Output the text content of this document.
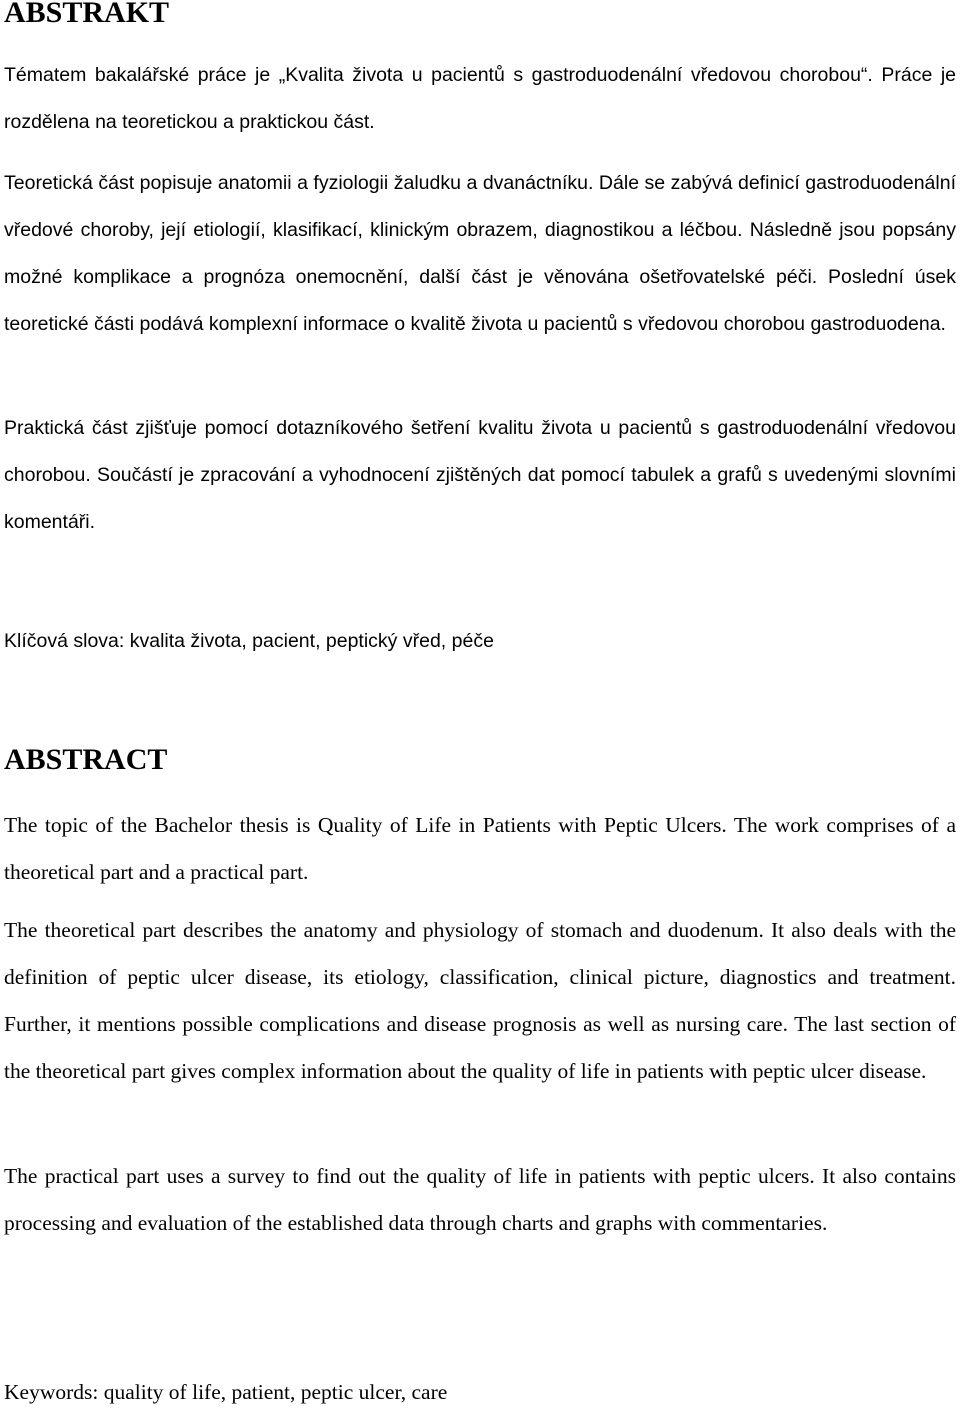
ABSTRAKT

Tématem bakalářské práce je „Kvalita života u pacientů s gastroduodenální vředovou chorobou“. Práce je rozdělena na teoretickou a praktickou část.

Teoretická část popisuje anatomii a fyziologii žaludku a dvanáctníku. Dále se zabývá definicí gastroduodenální vředové choroby, její etiologií, klasifikací, klinickým obrazem, diagnostikou a léčbou. Následně jsou popsány možné komplikace a prognóza onemocnění, další část je věnována ošetřovatelské péči. Poslední úsek teoretické části podává komplexní informace o kvalitě života u pacientů s vředovou chorobou gastroduodena.

Praktická část zjišťuje pomocí dotazníkového šetření kvalitu života u pacientů s gastroduodenální vředovou chorobou. Součástí je zpracování a vyhodnocení zjištěných dat pomocí tabulek a grafů s uvedenými slovními komentáři.

Klíčová slova: kvalita života, pacient, peptický vřed, péče

ABSTRACT

The topic of the Bachelor thesis is Quality of Life in Patients with Peptic Ulcers. The work comprises of a theoretical part and a practical part.

The theoretical part describes the anatomy and physiology of stomach and duodenum. It also deals with the definition of peptic ulcer disease, its etiology, classification, clinical picture, diagnostics and treatment. Further, it mentions possible complications and disease prognosis as well as nursing care. The last section of the theoretical part gives complex information about the quality of life in patients with peptic ulcer disease.

The practical part uses a survey to find out the quality of life in patients with peptic ulcers. It also contains processing and evaluation of the established data through charts and graphs with commentaries.

Keywords: quality of life, patient, peptic ulcer, care
